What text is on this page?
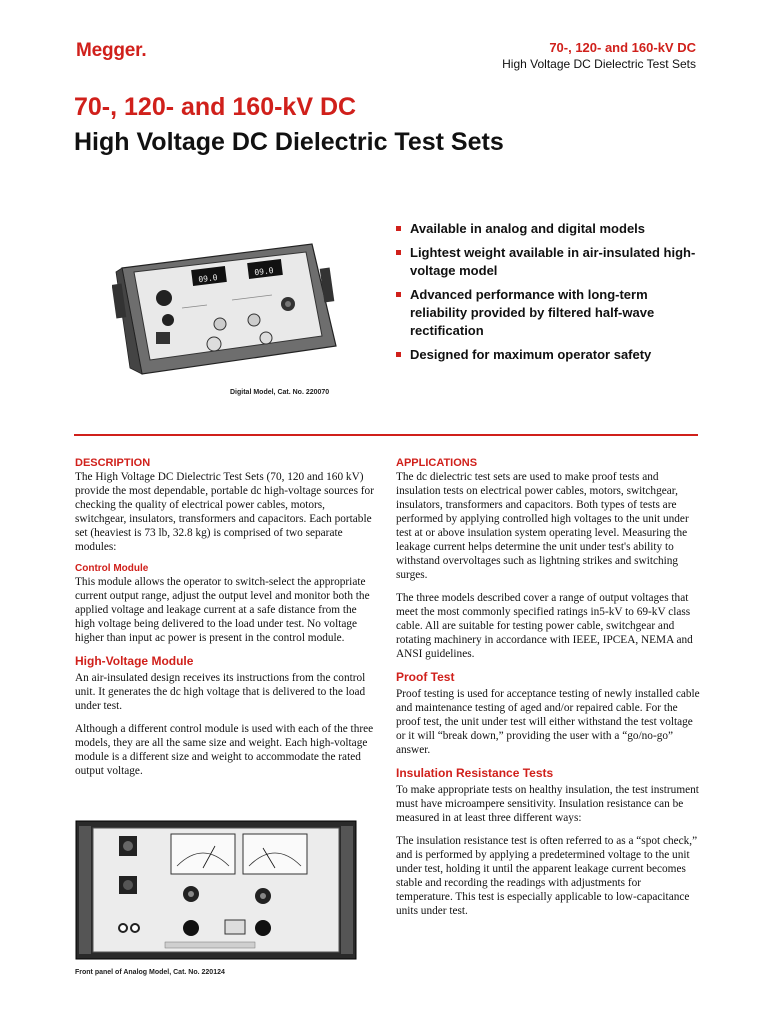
Megger.	70-, 120- and 160-kV DC
High Voltage DC Dielectric Test Sets
70-, 120- and 160-kV DC
High Voltage DC Dielectric Test Sets
09.0
09.0
Digital Model, Cat. No. 220070
Available in analog and digital models
Lightest weight available in air-insulated high-voltage model
Advanced performance with long-term reliability provided by filtered half-wave rectification
Designed for maximum operator safety
DESCRIPTION
The High Voltage DC Dielectric Test Sets (70, 120 and 160 kV) provide the most dependable, portable dc high-voltage sources for checking the quality of electrical power cables, motors, switchgear, insulators, transformers and capacitors. Each portable set (heaviest is 73 lb, 32.8 kg) is comprised of two separate modules:
Control Module
This module allows the operator to switch-select the appropriate current output range, adjust the output level and monitor both the applied voltage and leakage current at a safe distance from the high voltage being delivered to the load under test. No voltage higher than input ac power is present in the control module.
High-Voltage Module
An air-insulated design receives its instructions from the control unit. It generates the dc high voltage that is delivered to the load under test.
Although a different control module is used with each of the three models, they are all the same size and weight. Each high-voltage module is a different size and weight to accommodate the rated output voltage.
Front panel of Analog Model, Cat. No. 220124
APPLICATIONS
The dc dielectric test sets are used to make proof tests and insulation tests on electrical power cables, motors, switchgear, insulators, transformers and capacitors. Both types of tests are performed by applying controlled high voltages to the unit under test at or above insulation system operating level. Measuring the leakage current helps determine the unit under test's ability to withstand overvoltages such as lightning strikes and switching surges.
The three models described cover a range of output voltages that meet the most commonly specified ratings in5-kV to 69-kV class cable. All are suitable for testing power cable, switchgear and rotating machinery in accordance with IEEE, IPCEA, NEMA and ANSI guidelines.
Proof Test
Proof testing is used for acceptance testing of newly installed cable and maintenance testing of aged and/or repaired cable. For the proof test, the unit under test will either withstand the test voltage or it will “break down,” providing the user with a “go/no-go” answer.
Insulation Resistance Tests
To make appropriate tests on healthy insulation, the test instrument must have microampere sensitivity. Insulation resistance can be measured in at least three different ways:
The insulation resistance test is often referred to as a “spot check,” and is performed by applying a predetermined voltage to the unit under test, holding it until the apparent leakage current becomes stable and recording the readings with adjustments for temperature. This test is especially applicable to low-capacitance units under test.
